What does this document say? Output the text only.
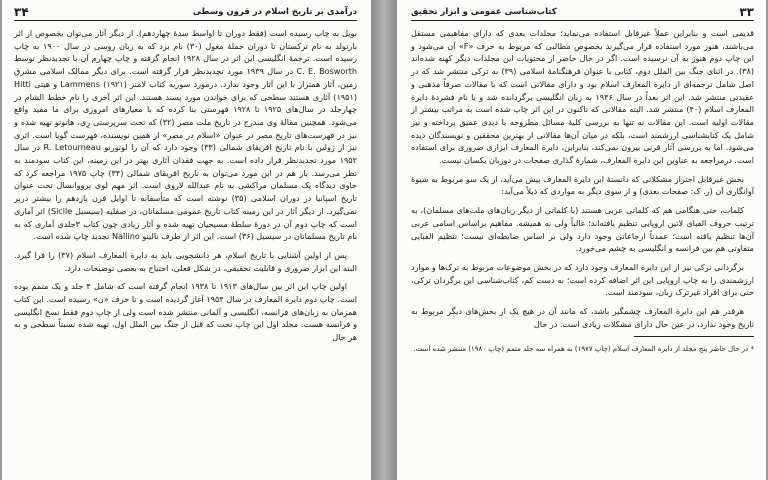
درآمدی بر تاریخ اسلام در قرون وسطی
۳۴

بویل به چاپ رسیده است (فقط دوران تا اواسط سدهٔ چهاردهم). از دیگر آثار می‌توان بخصوص از اثر بارتولد به نام ترکستان تا دوران حملهٔ مغول (۳۰) نام برد که به زبان روسی در سال ۱۹۰۰ به چاپ رسیده است. ترجمهٔ انگلیسی این اثر در سال ۱۹۲۸ انجام گرفته و چاپ چهارم آن با تجدیدنظر توسط C. E. Bosworth در سال ۱۹۳۹ مورد تجدیدنظر قرار گرفته است. برای دیگر ممالک اسلامی مشرق زمین، آثار همتراز با این آثار وجود ندارد. درمورد سوریه کتاب لامنز Lammens (۱۹۲۱) و هیتی Hitti (۱۹۵۱) آثاری هستند سطحی که برای خواندن مورد پسند هستند. این اثر آخری را نام خطط الشام در چهارجلد در سال‌های ۱۹۲۵ تا ۱۹۲۸ فهرستی بنا کرده که با معیارهای امروزی برای ما مفید واقع می‌شود. همچنین مقالهٔ وی مندرج در تاریخ ملت مصر (۳۲) که تحت سرپرستی رِی، هانوتو تهیه شده و نیز در فهرست‌های تاریخ مصر در عنوان «اسلام در مصر» از همین نویسنده، فهرست گویا است. اثری نیز از ژولین با نام تاریخ افریقای شمالی (۳۳) وجود دارد که آن را لوتورنو R. Letourneau در سال ۱۹۵۲ مورد تجدیدنظر قرار داده است. به جهت فقدان آثاری بهتر در این زمینه، این کتاب سودمند به نظر می‌رسد. باز هم در این مورد می‌توان به تاریخ افریقای شمالی (۳۴) چاپ ۱۹۷۵ مراجعه کرد که حاوی دیدگاه یک مسلمان مراکشی به نام عبدالله لاروی است. اثر مهم لوی پرووانسال تحت عنوان تاریخ اسپانیا در دوران اسلامی (۳۵) نوشته است که متأسفانه تا اوایل قرن یازدهم را بیشتر دربر نمی‌گیرد. از دیگر آثار در این زمینه کتاب تاریخ عمومی مسلمانان، در صقلیه (سیسیل Sicile) اثر آماری است که چاپ دوم آن در دورهٔ سلطهٔ مسیحیان تهیه شده و آثار زیادی چون کتاب ۳جلدی آماری که به نام تاریخ مسلمانان در سیسیل (۳۶) است. این اثر از طرف نالینو Nallino تجدید چاپ شده است.

پس از اولین آشنایی با تاریخ اسلام، هر دانشجویی باید به دایرة المعارف اسلام (۳۷) را فرا گیرد. البته این ابزار ضروری و قابلیت تحقیقی، در شکل فعلی، احتیاج به بعضی توضیحات دارد.

اولین چاپ این اثر بین سال‌های ۱۹۱۳ تا ۱۹۳۸ انجام گرفته است که شامل ۴ جلد و یک متمم بوده است. چاپ دوم دایرة المعارف در سال ۱۹۵۴ آغاز گردیده است و تا حرف «ن» رسیده است. این کتاب همزمان به زبان‌های فرانسه، انگلیسی و آلمانی منتشر شده است ولی از چاپ دوم فقط نسخ انگلیسی و فرانسه هست. مجلد اول این چاپ تحت که قبل از جنگ بین الملل اول، تهیه شده نسبتاً سطحی و به هر حال

۳۳
کتاب‌شناسی عمومی و ابزار تحقیق

قدیمی است و بنابراین عملاً غیرقابل استفاده می‌نماید؛ مجلدات بعدی که دارای مفاهیمی مستقل می‌باشند، هنوز مورد استفاده قرار می‌گیرند بخصوص مطالبی که مربوط به حرف «F» آن می‌شود و این چاپ دوم هنوز به آن نرسیده است. اگر در حال حاضر از محتویات این مجلدات دیگر کهنه شده‌اند (۳۸). در اثنای جنگ بین الملل دوم، کتابی با عنوان فرهنگنامهٔ اسلامی (۳۹) به ترکی منتشر شد که در اصل شامل ترجمه‌ای از دایرة المعارف اسلام بود و دارای مقالاتی است که با مقالات صرفاً مذهبی و عقیدتی منتشر شد. این اثر بعداً در سال ۱۹۴۶ به زبان انگلیسی برگردانده شد و با نام فشردهٔ دایرة المعارف اسلام (۴۰) منتشر شد. البته مقالاتی که تاکنون در این اثر چاپ شده است به مراتب بیشتر از مقالات اولیه است. این مقالات نه تنها به بررسی کلیهٔ مسائل مطروحه با دیدی عمیق پرداخته و نیز شامل یک کتابشناسی ارزشمند است، بلکه در میان آن‌ها مقالاتی از بهترین محققین و نویسندگان دیده می‌شود. اما به بررسی آثار قرنی بیرون نمی‌کند، بنابراین، دایرة المعارف ابزاری ضروری برای استفاده است. درمراجعه به عناوین این دایرة المعارف، شمارهٔ گذاری صفحات در دوزبان یکسان نیست.

بخش غیرقابل احتراز مشکلاتی که دانستهٔ این دایرة المعارف پیش می‌آید، از یک سو مربوط به شیوهٔ آوانگاری آن (ر. ک: صفحات بعدی) و از سوی دیگر به مواردی که ذیلاً می‌آید:

کلمات، حتی هنگامی هم که کلماتی عربی هستند (یا کلماتی از دیگر زبان‌های ملت‌های مسلمان)، به ترتیب حروف الفبای لاتین اروپایی تنظیم یافته‌اند؛ غالباً ولی نه همیشه. مفاهیم براساس اسامی عربی آن‌ها تنظیم یافته است؛ عمدتاً ارجاعاتی وجود دارد ولی بر اساس ضابطه‌ای نیست؛ تنظیم الفبایی متفاوتی هم بین فرانسه و انگلیسی به چشم می‌خورد.

برگردانی ترکی نیز از این دایرة المعارف وجود دارد که در بخش موضوعات مربوط به ترک‌ها و موارد ارزشمندی را به چاپ اروپایی این اثر اضافه کرده است؛ به دست کم، کتاب‌شناسی این برگردان ترکی، حتی برای افراد غیرترک زبان، سودمند است.

هرقدر هم این دایرة المعارف چشمگیر باشد، که مانند آن در هیچ یک از بخش‌های دیگر مربوط به تاریخ وجود ندارد، در عین حال دارای مشکلات زیادی است. در حال

* در حال حاضر پنج مجلد از دایرة المعارف اسلام (چاپ ۱۹۷۷) به همراه سه جلد متمم (چاپ ۱۹۸۰) منتشر شده است.
